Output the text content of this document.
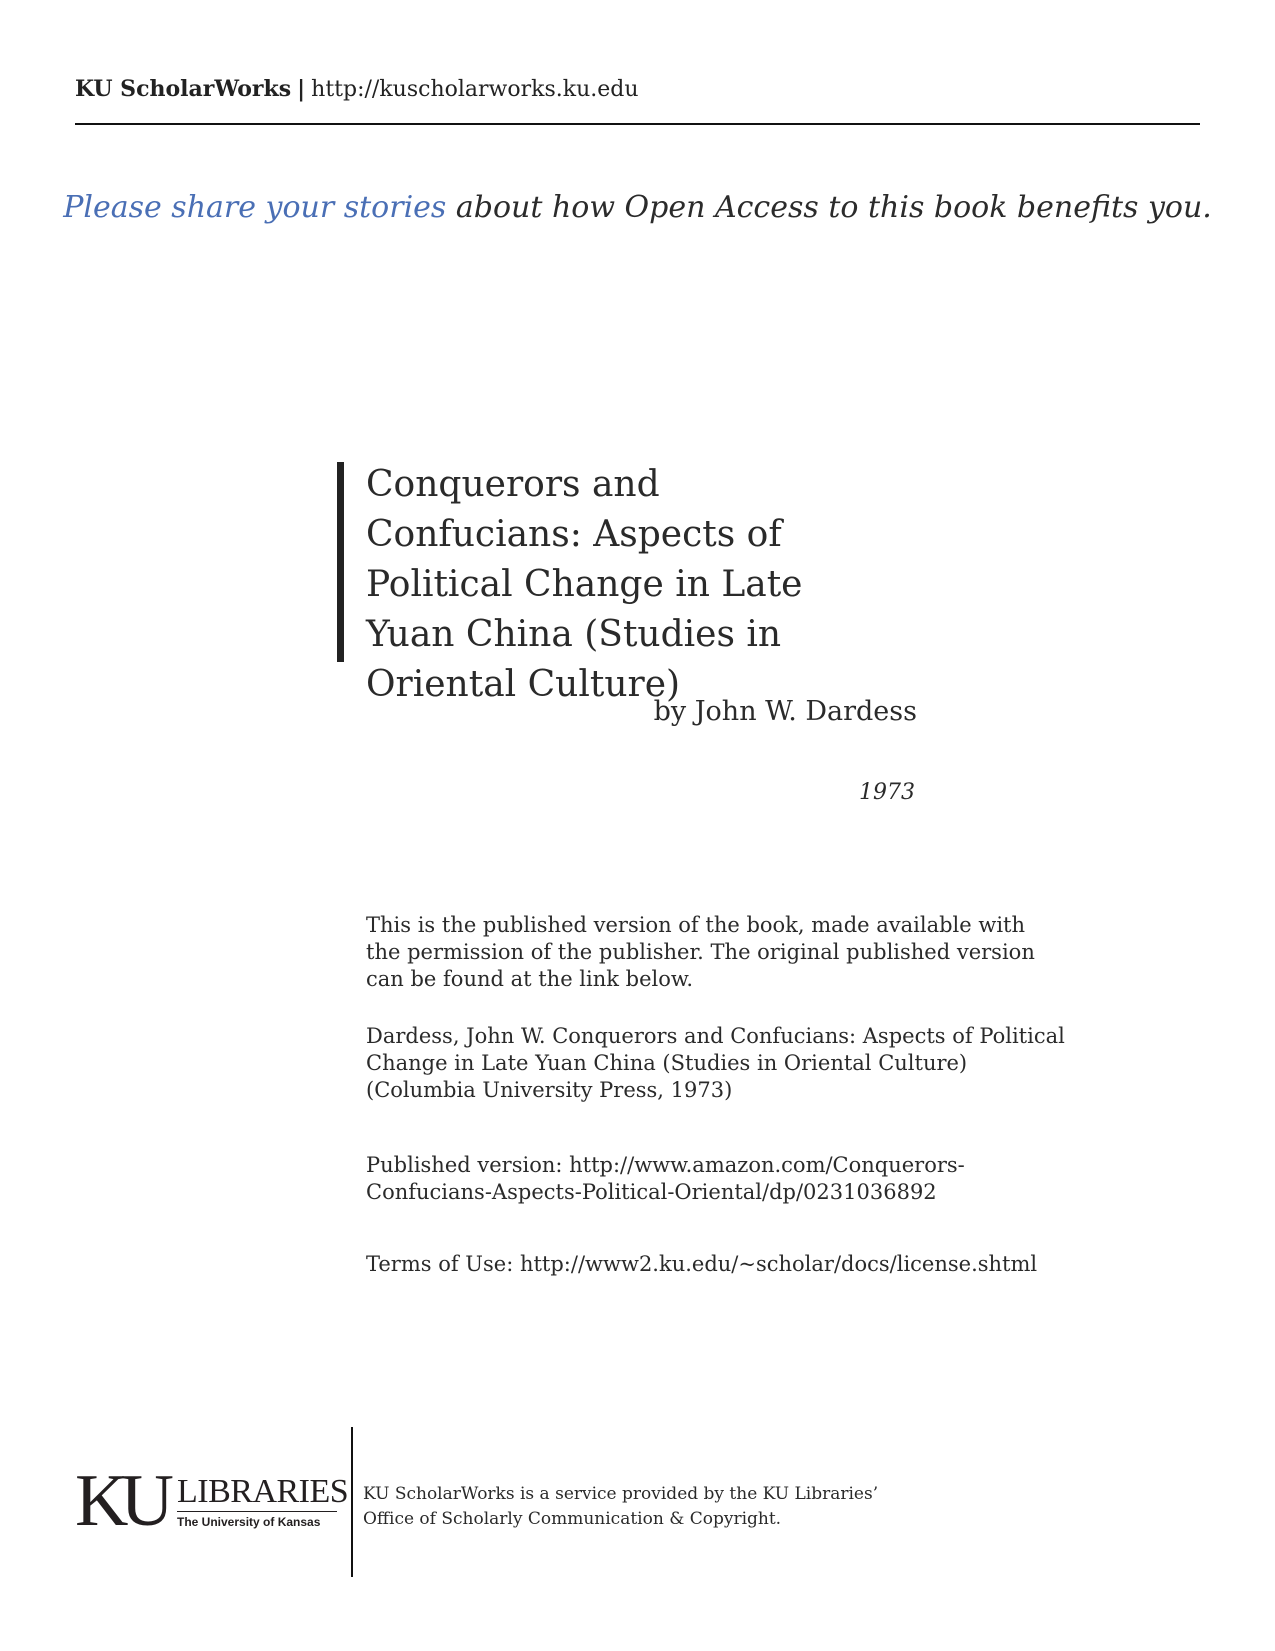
KU ScholarWorks | http://kuscholarworks.ku.edu
Please share your stories about how Open Access to this book benefits you.
Conquerors and Confucians: Aspects of Political Change in Late Yuan China (Studies in Oriental Culture)
by John W. Dardess
1973
This is the published version of the book, made available with the permission of the publisher. The original published version can be found at the link below.
Dardess, John W. Conquerors and Confucians: Aspects of Political Change in Late Yuan China (Studies in Oriental Culture) (Columbia University Press, 1973)
Published version: http://www.amazon.com/Conquerors-Confucians-Aspects-Political-Oriental/dp/0231036892
Terms of Use: http://www2.ku.edu/~scholar/docs/license.shtml
KU LIBRARIES
The University of Kansas
KU ScholarWorks is a service provided by the KU Libraries’ Office of Scholarly Communication & Copyright.
